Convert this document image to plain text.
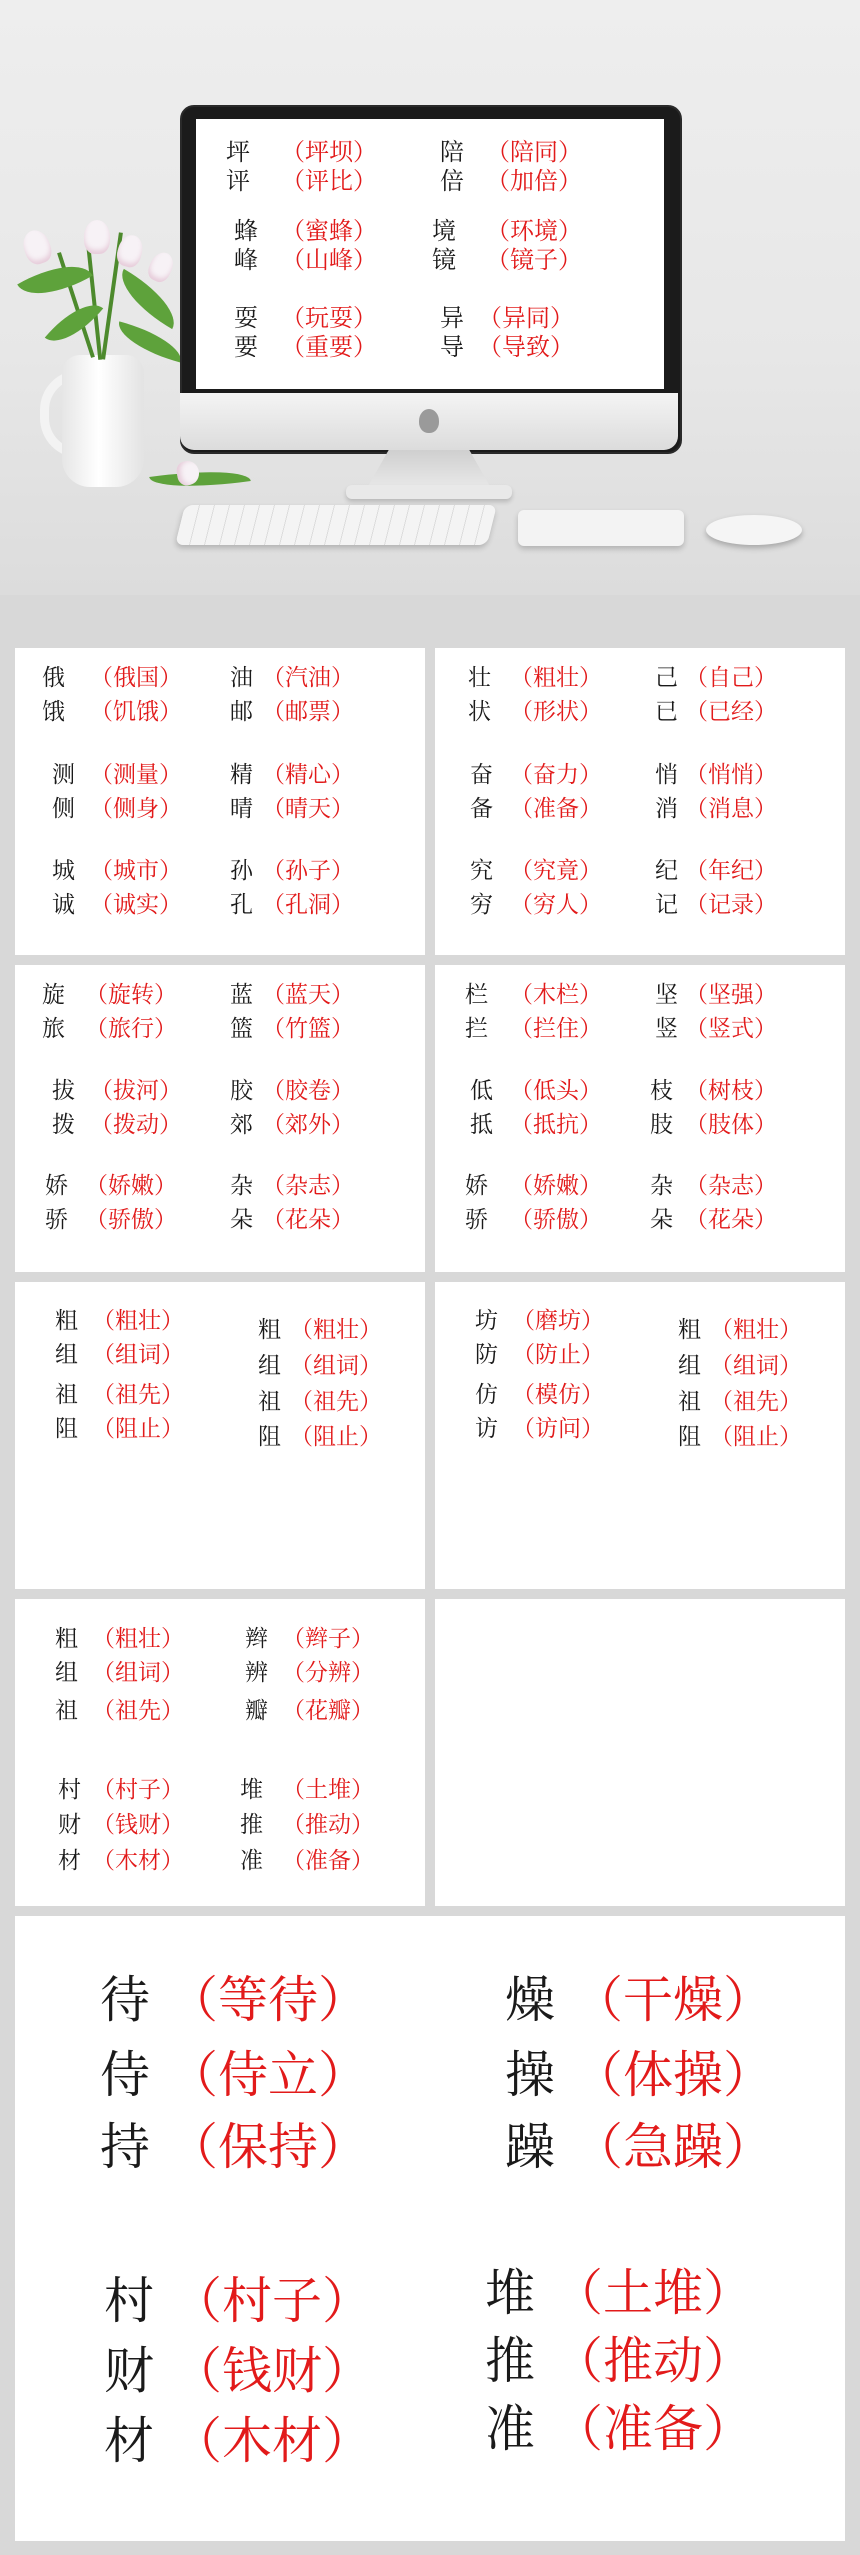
坪 （坪坝）
评 （评比）
蜂 （蜜蜂）
峰 （山峰）
耍 （玩耍）
要 （重要）
陪 （陪同）
倍 （加倍）
境 （环境）
镜 （镜子）
异 （异同）
导 （导致）
俄 （俄国）
饿 （饥饿）
测 （测量）
侧 （侧身）
城 （城市）
诚 （诚实）
油 （汽油）
邮 （邮票）
精 （精心）
晴 （晴天）
孙 （孙子）
孔 （孔洞）
壮 （粗壮）
状 （形状）
奋 （奋力）
备 （准备）
究 （究竟）
穷 （穷人）
己 （自己）
已 （已经）
悄 （悄悄）
消 （消息）
纪 （年纪）
记 （记录）
旋 （旋转）
旅 （旅行）
拔 （拔河）
拨 （拨动）
娇 （娇嫩）
骄 （骄傲）
蓝 （蓝天）
篮 （竹篮）
胶 （胶卷）
郊 （郊外）
杂 （杂志）
朵 （花朵）
栏 （木栏）
拦 （拦住）
低 （低头）
抵 （抵抗）
娇 （娇嫩）
骄 （骄傲）
坚 （坚强）
竖 （竖式）
枝 （树枝）
肢 （肢体）
杂 （杂志）
朵 （花朵）
粗 （粗壮）
组 （组词）
祖 （祖先）
阻 （阻止）
粗 （粗壮）
组 （组词）
祖 （祖先）
阻 （阻止）
坊 （磨坊）
防 （防止）
仿 （模仿）
访 （访问）
粗 （粗壮）
组 （组词）
祖 （祖先）
阻 （阻止）
粗 （粗壮）
组 （组词）
祖 （祖先）
村 （村子）
财 （钱财）
材 （木材）
辫 （辫子）
辨 （分辨）
瓣 （花瓣）
堆 （土堆）
推 （推动）
准 （准备）
待 （等待）
侍 （侍立）
持 （保持）
村 （村子）
财 （钱财）
材 （木材）
燥 （干燥）
操 （体操）
躁 （急躁）
堆 （土堆）
推 （推动）
准 （准备）
